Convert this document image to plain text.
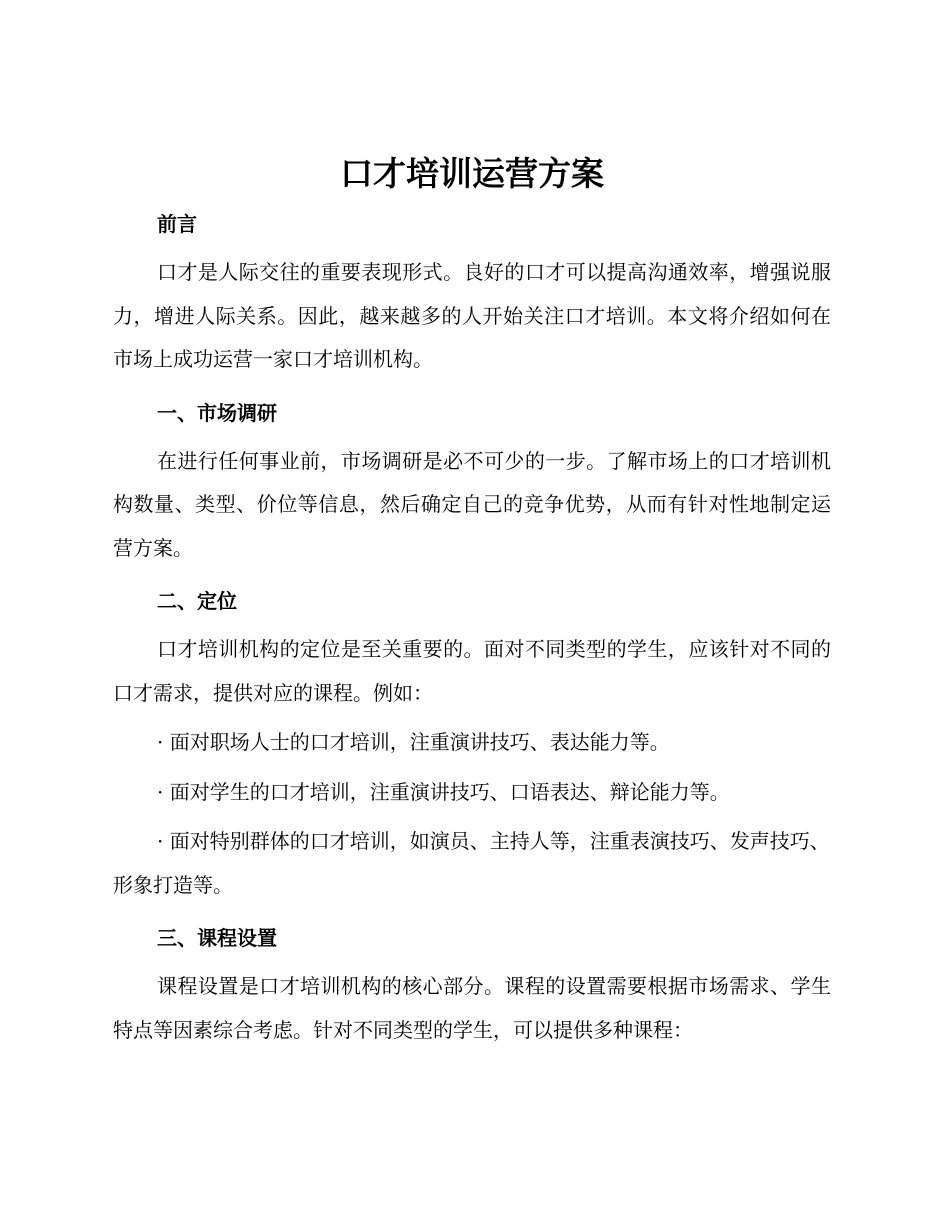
口才培训运营方案
前言

口才是人际交往的重要表现形式。良好的口才可以提高沟通效率，增强说服力，增进人际关系。因此，越来越多的人开始关注口才培训。本文将介绍如何在市场上成功运营一家口才培训机构。

一、市场调研

在进行任何事业前，市场调研是必不可少的一步。了解市场上的口才培训机构数量、类型、价位等信息，然后确定自己的竞争优势，从而有针对性地制定运营方案。

二、定位

口才培训机构的定位是至关重要的。面对不同类型的学生，应该针对不同的口才需求，提供对应的课程。例如：

· 面对职场人士的口才培训，注重演讲技巧、表达能力等。

· 面对学生的口才培训，注重演讲技巧、口语表达、辩论能力等。

· 面对特别群体的口才培训，如演员、主持人等，注重表演技巧、发声技巧、形象打造等。

三、课程设置

课程设置是口才培训机构的核心部分。课程的设置需要根据市场需求、学生特点等因素综合考虑。针对不同类型的学生，可以提供多种课程：
